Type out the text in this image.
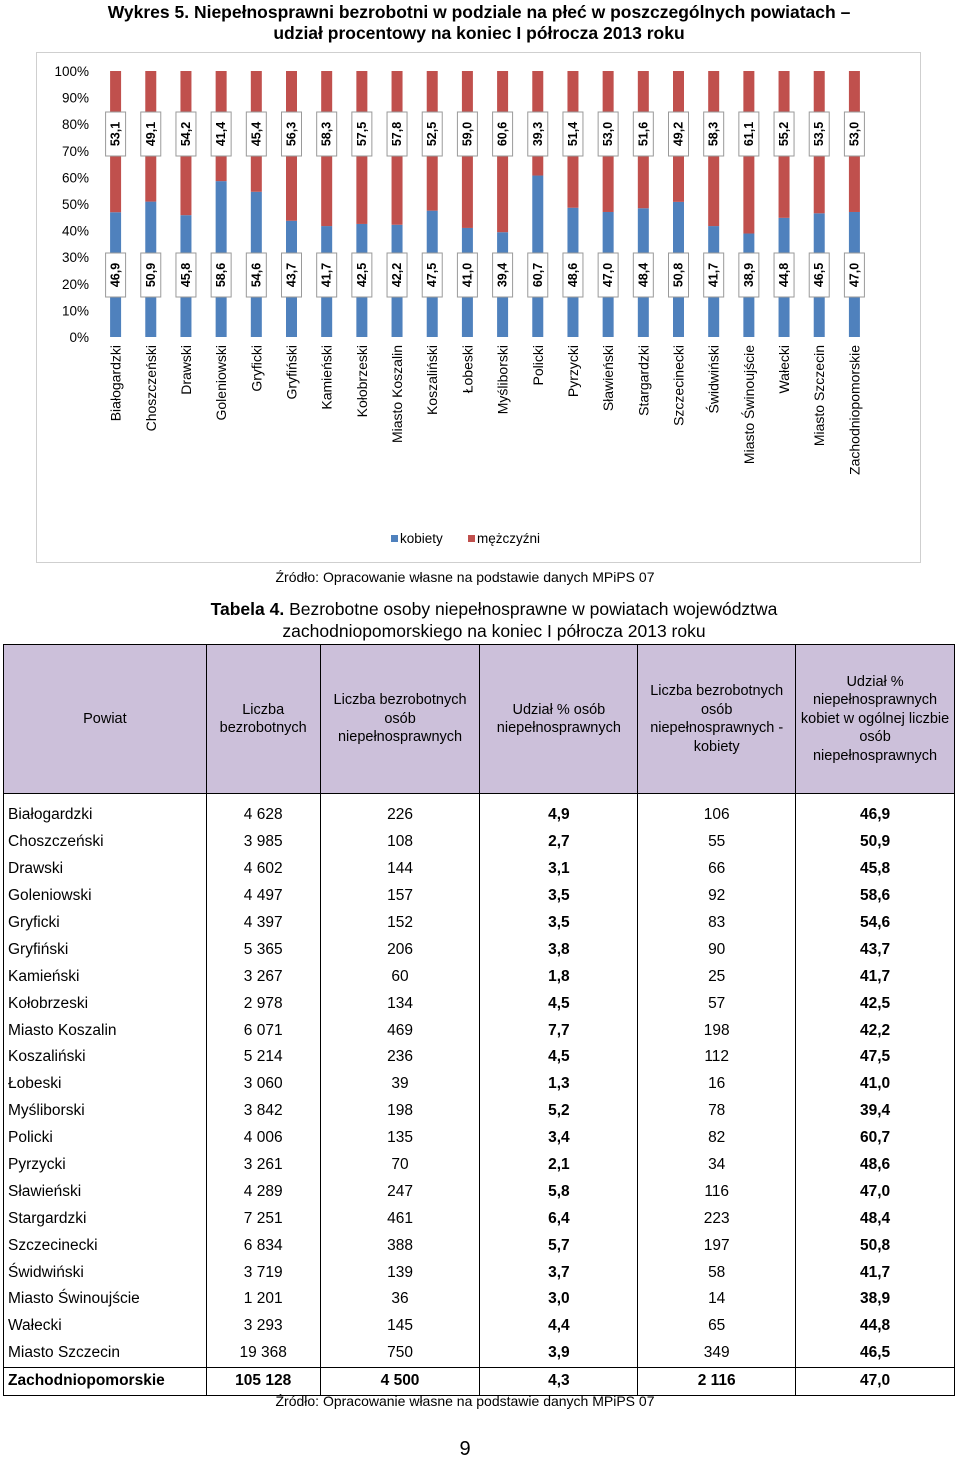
Wykres 5. Niepełnosprawni bezrobotni w podziale na płeć w poszczególnych powiatach –
udział procentowy na koniec I półrocza 2013 roku
0%
10%
20%
30%
40%
50%
60%
70%
80%
90%
100%
46,9
53,1
Białogardzki
50,9
49,1
Choszczeński
45,8
54,2
Drawski
58,6
41,4
Goleniowski
54,6
45,4
Gryficki
43,7
56,3
Gryfiński
41,7
58,3
Kamieński
42,5
57,5
Kołobrzeski
42,2
57,8
Miasto Koszalin
47,5
52,5
Koszaliński
41,0
59,0
Łobeski
39,4
60,6
Myśliborski
60,7
39,3
Policki
48,6
51,4
Pyrzycki
47,0
53,0
Sławieński
48,4
51,6
Stargardzki
50,8
49,2
Szczecinecki
41,7
58,3
Świdwiński
38,9
61,1
Miasto Świnoujście
44,8
55,2
Wałecki
46,5
53,5
Miasto Szczecin
47,0
53,0
Zachodniopomorskie
kobiety	mężczyźni
Źródło: Opracowanie własne na podstawie danych MPiPS 07
Tabela 4. Bezrobotne osoby niepełnosprawne w powiatach województwa
zachodniopomorskiego na koniec I półrocza 2013 roku
Powiat	Liczba bezrobotnych	Liczba bezrobotnych osób niepełnosprawnych	Udział % osób niepełnosprawnych	Liczba bezrobotnych osób niepełnosprawnych - kobiety	Udział % niepełnosprawnych kobiet w ogólnej liczbie osób niepełnosprawnych
Białogardzki	4 628	226	4,9	106	46,9
Choszczeński	3 985	108	2,7	55	50,9
Drawski	4 602	144	3,1	66	45,8
Goleniowski	4 497	157	3,5	92	58,6
Gryficki	4 397	152	3,5	83	54,6
Gryfiński	5 365	206	3,8	90	43,7
Kamieński	3 267	60	1,8	25	41,7
Kołobrzeski	2 978	134	4,5	57	42,5
Miasto Koszalin	6 071	469	7,7	198	42,2
Koszaliński	5 214	236	4,5	112	47,5
Łobeski	3 060	39	1,3	16	41,0
Myśliborski	3 842	198	5,2	78	39,4
Policki	4 006	135	3,4	82	60,7
Pyrzycki	3 261	70	2,1	34	48,6
Sławieński	4 289	247	5,8	116	47,0
Stargardzki	7 251	461	6,4	223	48,4
Szczecinecki	6 834	388	5,7	197	50,8
Świdwiński	3 719	139	3,7	58	41,7
Miasto Świnoujście	1 201	36	3,0	14	38,9
Wałecki	3 293	145	4,4	65	44,8
Miasto Szczecin	19 368	750	3,9	349	46,5
Zachodniopomorskie	105 128	4 500	4,3	2 116	47,0
Źródło: Opracowanie własne na podstawie danych MPiPS 07
9
